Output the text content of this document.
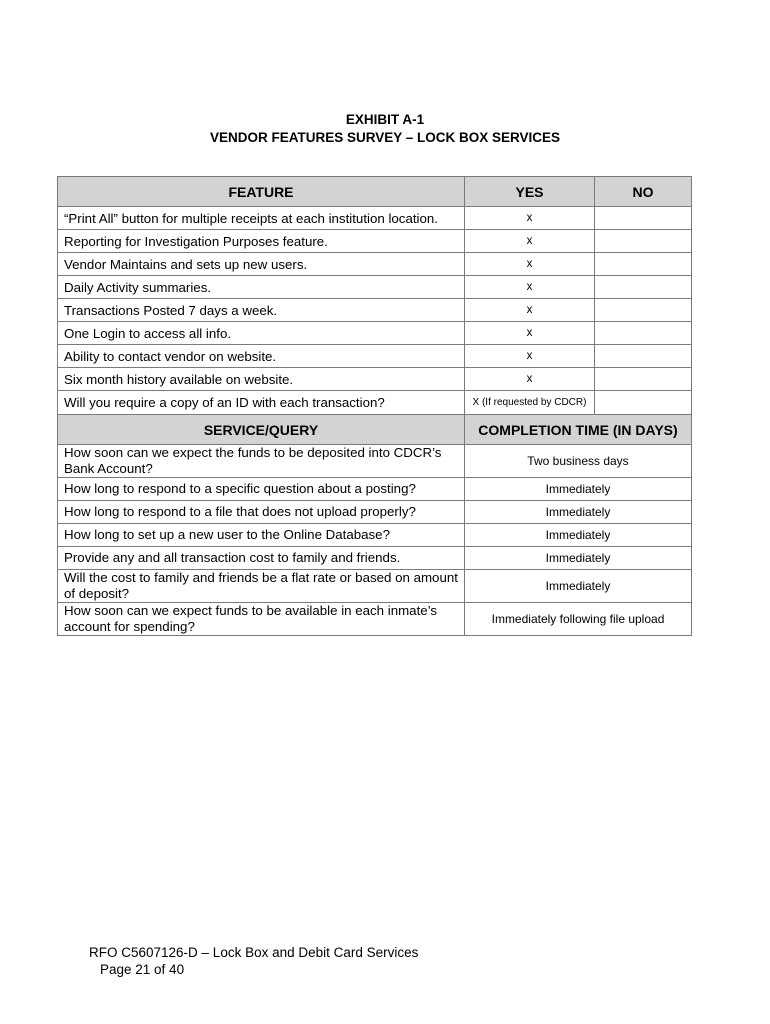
EXHIBIT A-1
VENDOR FEATURES SURVEY – LOCK BOX SERVICES
FEATURE	YES	NO
“Print All” button for multiple receipts at each institution location.	x	
Reporting for Investigation Purposes feature.	x	
Vendor Maintains and sets up new users.	x	
Daily Activity summaries.	x	
Transactions Posted 7 days a week.	x	
One Login to access all info.	x	
Ability to contact vendor on website.	x	
Six month history available on website.	x	
Will you require a copy of an ID with each transaction?	X (If requested by CDCR)	
SERVICE/QUERY	COMPLETION TIME (IN DAYS)	
How soon can we expect the funds to be deposited into CDCR’s Bank Account?	Two business days	
How long to respond to a specific question about a posting?	Immediately	
How long to respond to a file that does not upload properly?	Immediately	
How long to set up a new user to the Online Database?	Immediately	
Provide any and all transaction cost to family and friends.	Immediately	
Will the cost to family and friends be a flat rate or based on amount of deposit?	Immediately	
How soon can we expect funds to be available in each inmate’s account for spending?	Immediately following file upload	
RFO C5607126-D – Lock Box and Debit Card Services
Page 21 of 40
